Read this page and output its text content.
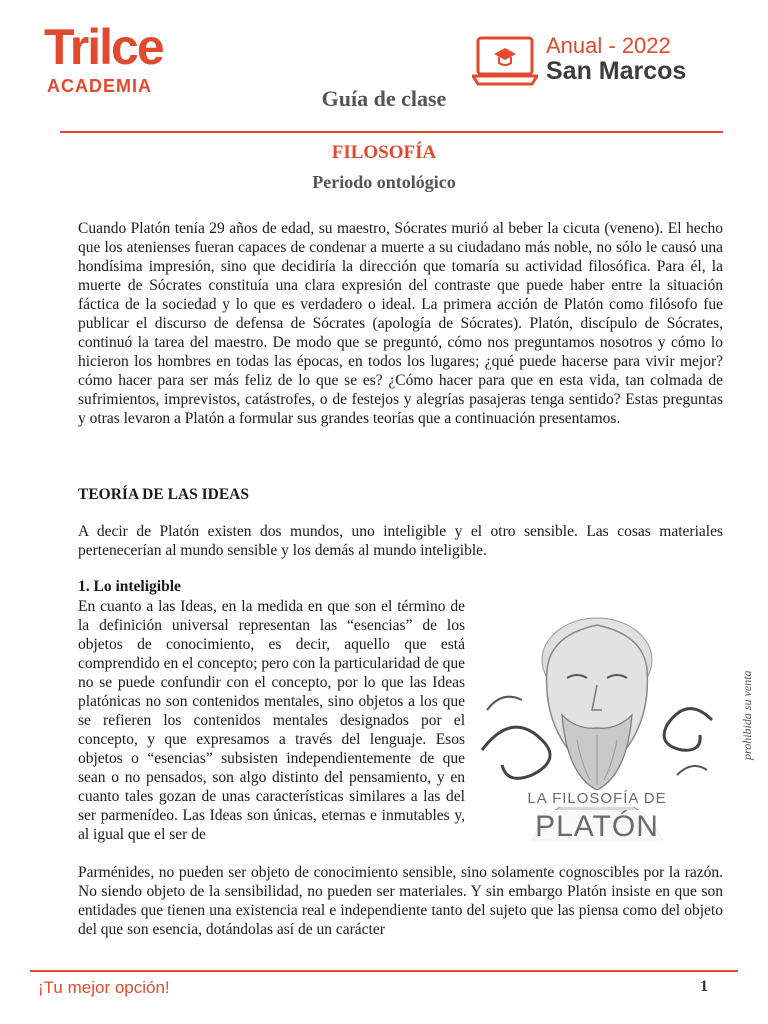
Trilce
ACADEMIA
Anual - 2022
San Marcos
Guía de clase
FILOSOFÍA
Periodo ontológico

Cuando Platón tenía 29 años de edad, su maestro, Sócrates murió al beber la cicuta (veneno). El hecho que los atenienses fueran capaces de condenar a muerte a su ciudadano más noble, no sólo le causó una hondísima impresión, sino que decidiría la dirección que tomaría su actividad filosófica. Para él, la muerte de Sócrates constituía una clara expresión del contraste que puede haber entre la situación fáctica de la sociedad y lo que es verdadero o ideal. La primera acción de Platón como filósofo fue publicar el discurso de defensa de Sócrates (apología de Sócrates). Platón, discípulo de Sócrates, continuó la tarea del maestro. De modo que se preguntó, cómo nos preguntamos nosotros y cómo lo hicieron los hombres en todas las épocas, en todos los lugares; ¿qué puede hacerse para vivir mejor? cómo hacer para ser más feliz de lo que se es? ¿Cómo hacer para que en esta vida, tan colmada de sufrimientos, imprevistos, catástrofes, o de festejos y alegrías pasajeras tenga sentido? Estas preguntas y otras levaron a Platón a formular sus grandes teorías que a continuación presentamos.

TEORÍA DE LAS IDEAS

A decir de Platón existen dos mundos, uno inteligible y el otro sensible. Las cosas materiales pertenecerían al mundo sensible y los demás al mundo inteligible.

1. Lo inteligible

En cuanto a las Ideas, en la medida en que son el término de la definición universal representan las “esencias” de los objetos de conocimiento, es decir, aquello que está comprendido en el concepto; pero con la particularidad de que no se puede confundir con el concepto, por lo que las Ideas platónicas no son contenidos mentales, sino objetos a los que se refieren los contenidos mentales designados por el concepto, y que expresamos a través del lenguaje. Esos objetos o “esencias” subsisten independientemente de que sean o no pensados, son algo distinto del pensamiento, y en cuanto tales gozan de unas características similares a las del ser parmenídeo. Las Ideas son únicas, eternas e inmutables y, al igual que el ser de

LA FILOSOFÍA DE
PLATÓN
prohibida su venta

Parménides, no pueden ser objeto de conocimiento sensible, sino solamente cognoscibles por la razón. No siendo objeto de la sensibilidad, no pueden ser materiales. Y sin embargo Platón insiste en que son entidades que tienen una existencia real e independiente tanto del sujeto que las piensa como del objeto del que son esencia, dotándolas así de un carácter

¡Tu mejor opción!	1
